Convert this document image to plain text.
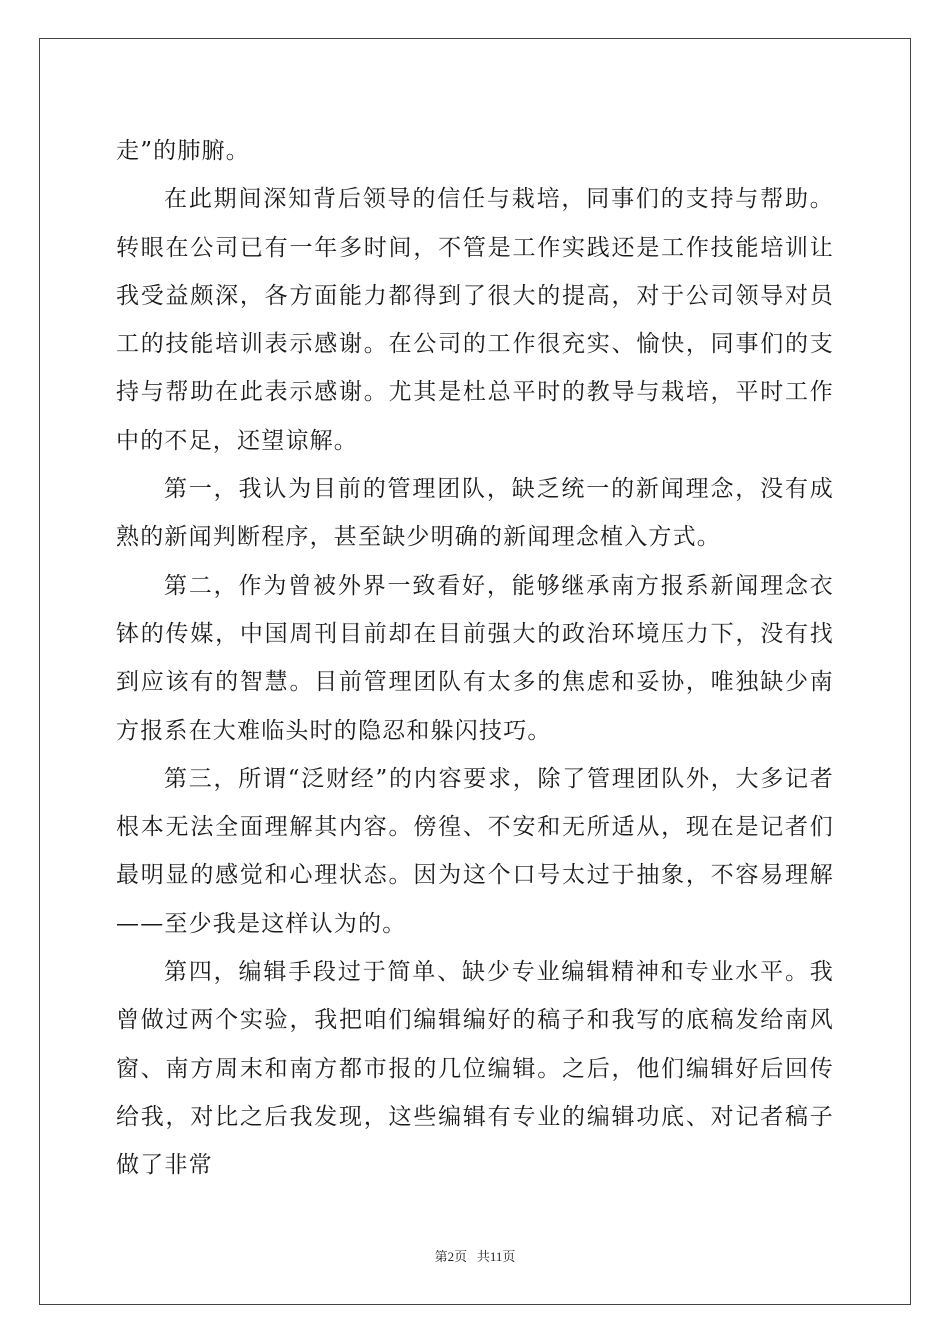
走”的肺腑。

在此期间深知背后领导的信任与栽培，同事们的支持与帮助。转眼在公司已有一年多时间，不管是工作实践还是工作技能培训让我受益颇深，各方面能力都得到了很大的提高，对于公司领导对员工的技能培训表示感谢。在公司的工作很充实、愉快，同事们的支持与帮助在此表示感谢。尤其是杜总平时的教导与栽培，平时工作中的不足，还望谅解。

第一，我认为目前的管理团队，缺乏统一的新闻理念，没有成熟的新闻判断程序，甚至缺少明确的新闻理念植入方式。

第二，作为曾被外界一致看好，能够继承南方报系新闻理念衣钵的传媒，中国周刊目前却在目前强大的政治环境压力下，没有找到应该有的智慧。目前管理团队有太多的焦虑和妥协，唯独缺少南方报系在大难临头时的隐忍和躲闪技巧。

第三，所谓“泛财经”的内容要求，除了管理团队外，大多记者根本无法全面理解其内容。傍徨、不安和无所适从，现在是记者们最明显的感觉和心理状态。因为这个口号太过于抽象，不容易理解——至少我是这样认为的。

第四，编辑手段过于简单、缺少专业编辑精神和专业水平。我曾做过两个实验，我把咱们编辑编好的稿子和我写的底稿发给南风窗、南方周末和南方都市报的几位编辑。之后，他们编辑好后回传给我，对比之后我发现，这些编辑有专业的编辑功底、对记者稿子做了非常

第2页   共11页
